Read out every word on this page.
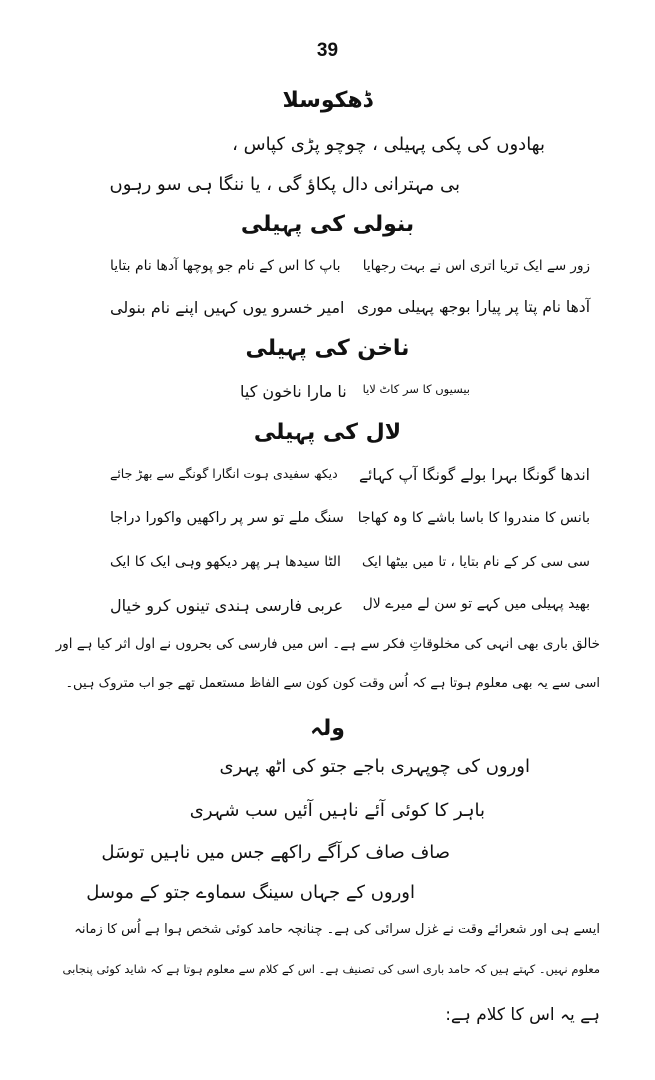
39
ڈھکوسلا
بھادوں کی پکی پہیلی ، چوچو پڑی کپاس ،
بی مہترانی دال پکاؤ گی ، یا ننگا ہی سو رہوں
بنولی کی پہیلی
زور سے ایک تریا اتری اس نے بہت رجھایا
باپ کا اس کے نام جو پوچھا آدھا نام بتایا
آدھا نام پتا پر پیارا بوجھ پہیلی موری
امیر خسرو یوں کہیں اپنے نام بنولی
ناخن کی پہیلی
بیسیوں کا سر کاٹ لایا
نا مارا ناخون کیا
لال کی پہیلی
اندھا گونگا بہرا بولے گونگا آپ کہائے
دیکھ سفیدی ہوت انگارا گونگے سے بھڑ جائے
بانس کا مندروا کا باسا باشے کا وہ کھاجا
سنگ ملے تو سر پر راکھیں واکورا دراجا
سی سی کر کے نام بتایا ، تا میں بیٹھا ایک
الٹا سیدھا ہر پھر دیکھو وہی ایک کا ایک
بھید پہیلی میں کہے تو سن لے میرے لال
عربی فارسی ہندی تینوں کرو خیال
خالق باری بھی انہی کی مخلوقاتِ فکر سے ہے۔ اس میں فارسی کی بحروں نے اول اثر کیا ہے اور
اسی سے یہ بھی معلوم ہوتا ہے کہ اُس وقت کون کون سے الفاظ مستعمل تھے جو اب متروک ہیں۔
ولہ
اوروں کی چوپہری باجے جتو کی اٹھ پہری
باہر کا کوئی آئے ناہیں آئیں سب شہری
صاف صاف کرآگے راکھے جس میں ناہیں توسَل
اوروں کے جہاں سینگ سماوے جتو کے موسل
ایسے ہی اور شعرائے وقت نے غزل سرائی کی ہے۔ چنانچہ حامد کوئی شخص ہوا ہے اُس کا زمانہ
معلوم نہیں۔ کہتے ہیں کہ حامد باری اسی کی تصنیف ہے۔ اس کے کلام سے معلوم ہوتا ہے کہ شاید کوئی پنجابی
ہے یہ اس کا کلام ہے:
